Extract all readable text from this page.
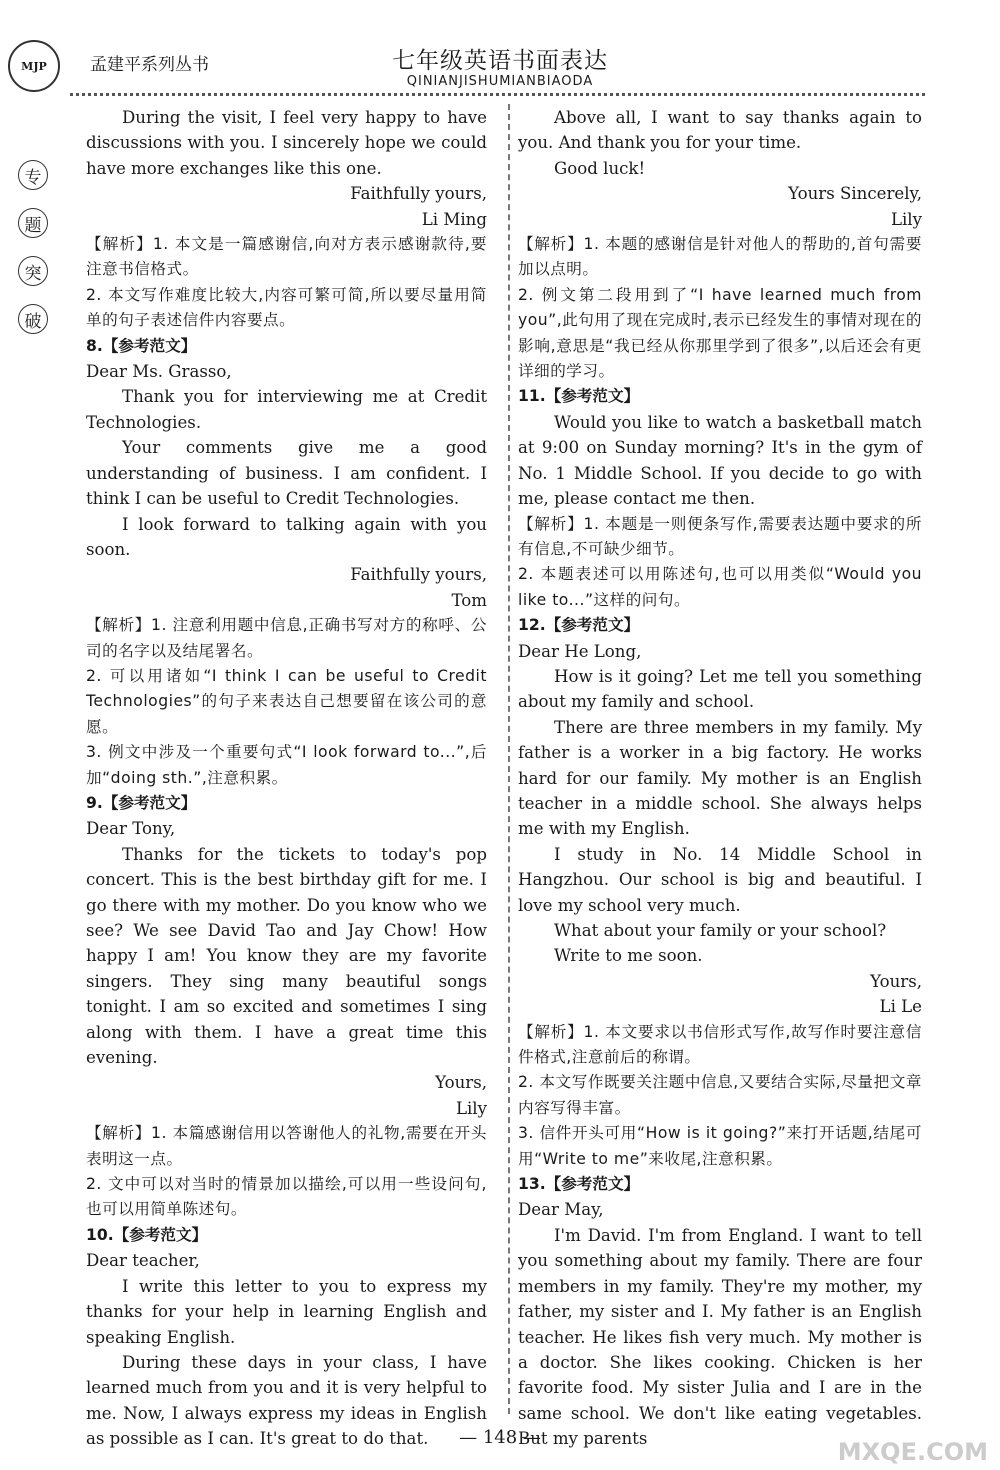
MJP	孟建平系列丛书	七年级英语书面表达
QINIANJISHUMIANBIAODA
专
题
突
破

During the visit, I feel very happy to have discussions with you. I sincerely hope we could have more exchanges like this one.

Faithfully yours,

Li Ming

【解析】1. 本文是一篇感谢信,向对方表示感谢款待,要注意书信格式。

2. 本文写作难度比较大,内容可繁可简,所以要尽量用简单的句子表述信件内容要点。

8.【参考范文】

Dear Ms. Grasso,

Thank you for interviewing me at Credit Technologies.

Your comments give me a good understanding of business. I am confident. I think I can be useful to Credit Technologies.

I look forward to talking again with you soon.

Faithfully yours,

Tom

【解析】1. 注意利用题中信息,正确书写对方的称呼、公司的名字以及结尾署名。

2. 可以用诸如“I think I can be useful to Credit Technologies”的句子来表达自己想要留在该公司的意愿。

3. 例文中涉及一个重要句式“I look forward to...”,后加“doing sth.”,注意积累。

9.【参考范文】

Dear Tony,

Thanks for the tickets to today's pop concert. This is the best birthday gift for me. I go there with my mother. Do you know who we see? We see David Tao and Jay Chow! How happy I am! You know they are my favorite singers. They sing many beautiful songs tonight. I am so excited and sometimes I sing along with them. I have a great time this evening.

Yours,

Lily

【解析】1. 本篇感谢信用以答谢他人的礼物,需要在开头表明这一点。

2. 文中可以对当时的情景加以描绘,可以用一些设问句,也可以用简单陈述句。

10.【参考范文】

Dear teacher,

I write this letter to you to express my thanks for your help in learning English and speaking English.

During these days in your class, I have learned much from you and it is very helpful to me. Now, I always express my ideas in English as possible as I can. It's great to do that.

Above all, I want to say thanks again to you. And thank you for your time.

Good luck!

Yours Sincerely,

Lily

【解析】1. 本题的感谢信是针对他人的帮助的,首句需要加以点明。

2. 例文第二段用到了“I have learned much from you”,此句用了现在完成时,表示已经发生的事情对现在的影响,意思是“我已经从你那里学到了很多”,以后还会有更详细的学习。

11.【参考范文】

Would you like to watch a basketball match at 9:00 on Sunday morning? It's in the gym of No. 1 Middle School. If you decide to go with me, please contact me then.

【解析】1. 本题是一则便条写作,需要表达题中要求的所有信息,不可缺少细节。

2. 本题表述可以用陈述句,也可以用类似“Would you like to...”这样的问句。

12.【参考范文】

Dear He Long,

How is it going? Let me tell you something about my family and school.

There are three members in my family. My father is a worker in a big factory. He works hard for our family. My mother is an English teacher in a middle school. She always helps me with my English.

I study in No. 14 Middle School in Hangzhou. Our school is big and beautiful. I love my school very much.

What about your family or your school?

Write to me soon.

Yours,

Li Le

【解析】1. 本文要求以书信形式写作,故写作时要注意信件格式,注意前后的称谓。

2. 本文写作既要关注题中信息,又要结合实际,尽量把文章内容写得丰富。

3. 信件开头可用“How is it going?”来打开话题,结尾可用“Write to me”来收尾,注意积累。

13.【参考范文】

Dear May,

I'm David. I'm from England. I want to tell you something about my family. There are four members in my family. They're my mother, my father, my sister and I. My father is an English teacher. He likes fish very much. My mother is a doctor. She likes cooking. Chicken is her favorite food. My sister Julia and I are in the same school. We don't like eating vegetables. But my parents

— 148 —
MXQE.COM
